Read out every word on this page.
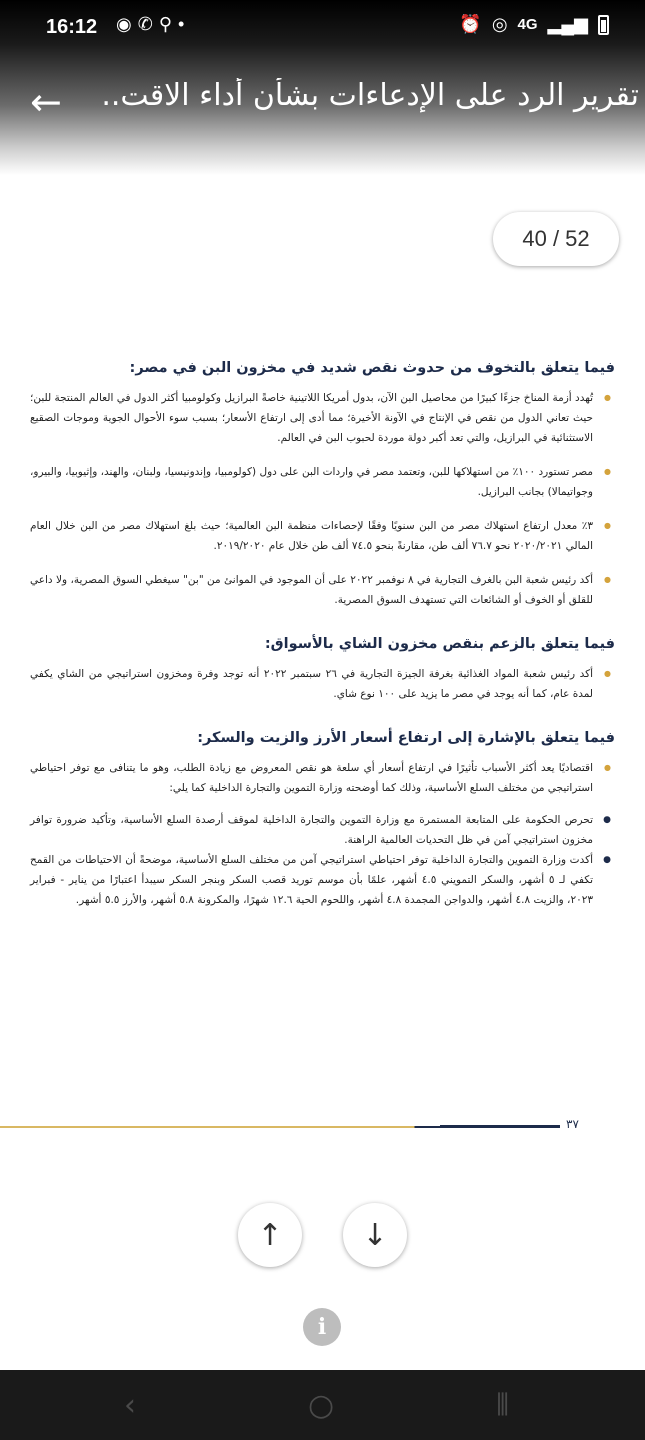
16:12 ◉✆⚲•	⏰ ◎ 4G ▂▄▆
←	تقرير الرد على الإدعاءات بشأن أداء الاقت..
40 / 52
فيما يتعلق بالتخوف من حدوث نقص شديد في مخزون البن في مصر:
● تُهدد أزمة المناخ جزءًا كبيرًا من محاصيل البن الآن، بدول أمريكا اللاتينية خاصةً البرازيل وكولومبيا أكثر الدول في العالم المنتجة للبن؛ حيث تعاني الدول من نقص في الإنتاج في الآونة الأخيرة؛ مما أدى إلى ارتفاع الأسعار؛ بسبب سوء الأحوال الجوية وموجات الصقيع الاستثنائية في البرازيل، والتي تعد أكبر دولة موردة لحبوب البن في العالم.
● مصر تستورد ١٠٠٪ من استهلاكها للبن، وتعتمد مصر في واردات البن على دول (كولومبيا، وإندونيسيا، ولبنان، والهند، وإثيوبيا، والبيرو، وجواتيمالا) بجانب البرازيل.
● ٣٪ معدل ارتفاع استهلاك مصر من البن سنويًا وفقًا لإحصاءات منظمة البن العالمية؛ حيث بلغ استهلاك مصر من البن خلال العام المالي ٢٠٢٠/٢٠٢١ نحو ٧٦.٧ ألف طن، مقارنةً بنحو ٧٤.٥ ألف طن خلال عام ٢٠١٩/٢٠٢٠.
● أكد رئيس شعبة البن بالغرف التجارية في ٨ نوفمبر ٢٠٢٢ على أن الموجود في الموانئ من "بن" سيغطي السوق المصرية، ولا داعي للقلق أو الخوف أو الشائعات التي تستهدف السوق المصرية.
فيما يتعلق بالزعم بنقص مخزون الشاي بالأسواق:
● أكد رئيس شعبة المواد الغذائية بغرفة الجيزة التجارية في ٢٦ سبتمبر ٢٠٢٢ أنه توجد وفرة ومخزون استراتيجي من الشاي يكفي لمدة عام، كما أنه يوجد في مصر ما يزيد على ١٠٠ نوع شاي.
فيما يتعلق بالإشارة إلى ارتفاع أسعار الأرز والزيت والسكر:
● اقتصاديًا يعد أكثر الأسباب تأثيرًا في ارتفاع أسعار أي سلعة هو نقص المعروض مع زيادة الطلب، وهو ما يتنافى مع توفر احتياطي استراتيجي من مختلف السلع الأساسية، وذلك كما أوضحته وزارة التموين والتجارة الداخلية كما يلي:
● تحرص الحكومة على المتابعة المستمرة مع وزارة التموين والتجارة الداخلية لموقف أرصدة السلع الأساسية، وتأكيد ضرورة توافر مخزون استراتيجي آمن في ظل التحديات العالمية الراهنة.
● أكدت وزارة التموين والتجارة الداخلية توفر احتياطي استراتيجي آمن من مختلف السلع الأساسية، موضحةً أن الاحتياطات من القمح تكفي لـ ٥ أشهر، والسكر التمويني ٤.٥ أشهر، علمًا بأن موسم توريد قصب السكر وبنجر السكر سيبدأ اعتبارًا من يناير - فبراير ٢٠٢٣، والزيت ٤.٨ أشهر، والدواجن المجمدة ٤.٨ أشهر، واللحوم الحية ١٢.٦ شهرًا، والمكرونة ٥.٨ أشهر، والأرز ٥.٥ أشهر.
٣٧
↑	↓
i
‹	○	⦀
